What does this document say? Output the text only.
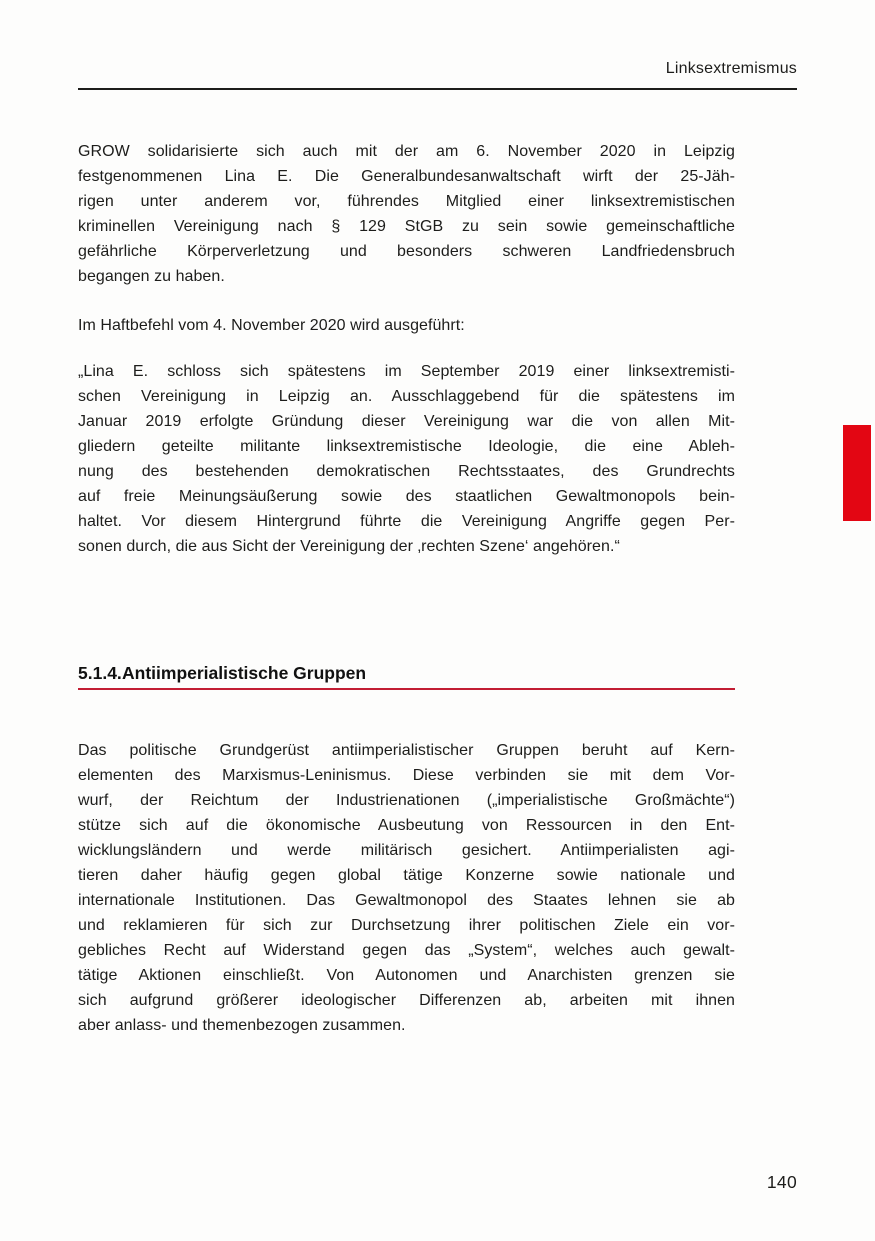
Linksextremismus
GROW solidarisierte sich auch mit der am 6. November 2020 in Leipzig
festgenommenen Lina E. Die Generalbundesanwaltschaft wirft der 25-Jäh-
rigen unter anderem vor, führendes Mitglied einer linksextremistischen
kriminellen Vereinigung nach § 129 StGB zu sein sowie gemeinschaftliche
gefährliche Körperverletzung und besonders schweren Landfriedensbruch
begangen zu haben.
Im Haftbefehl vom 4. November 2020 wird ausgeführt:
„Lina E. schloss sich spätestens im September 2019 einer linksextremisti-
schen Vereinigung in Leipzig an. Ausschlaggebend für die spätestens im
Januar 2019 erfolgte Gründung dieser Vereinigung war die von allen Mit-
gliedern geteilte militante linksextremistische Ideologie, die eine Ableh-
nung des bestehenden demokratischen Rechtsstaates, des Grundrechts
auf freie Meinungsäußerung sowie des staatlichen Gewaltmonopols bein-
haltet. Vor diesem Hintergrund führte die Vereinigung Angriffe gegen Per-
sonen durch, die aus Sicht der Vereinigung der ‚rechten Szene‘ angehören.“
5.1.4.Antiimperialistische Gruppen
Das politische Grundgerüst antiimperialistischer Gruppen beruht auf Kern-
elementen des Marxismus-Leninismus. Diese verbinden sie mit dem Vor-
wurf, der Reichtum der Industrienationen („imperialistische Großmächte“)
stütze sich auf die ökonomische Ausbeutung von Ressourcen in den Ent-
wicklungsländern und werde militärisch gesichert. Antiimperialisten agi-
tieren daher häufig gegen global tätige Konzerne sowie nationale und
internationale Institutionen. Das Gewaltmonopol des Staates lehnen sie ab
und reklamieren für sich zur Durchsetzung ihrer politischen Ziele ein vor-
gebliches Recht auf Widerstand gegen das „System“, welches auch gewalt-
tätige Aktionen einschließt. Von Autonomen und Anarchisten grenzen sie
sich aufgrund größerer ideologischer Differenzen ab, arbeiten mit ihnen
aber anlass- und themenbezogen zusammen.
140
